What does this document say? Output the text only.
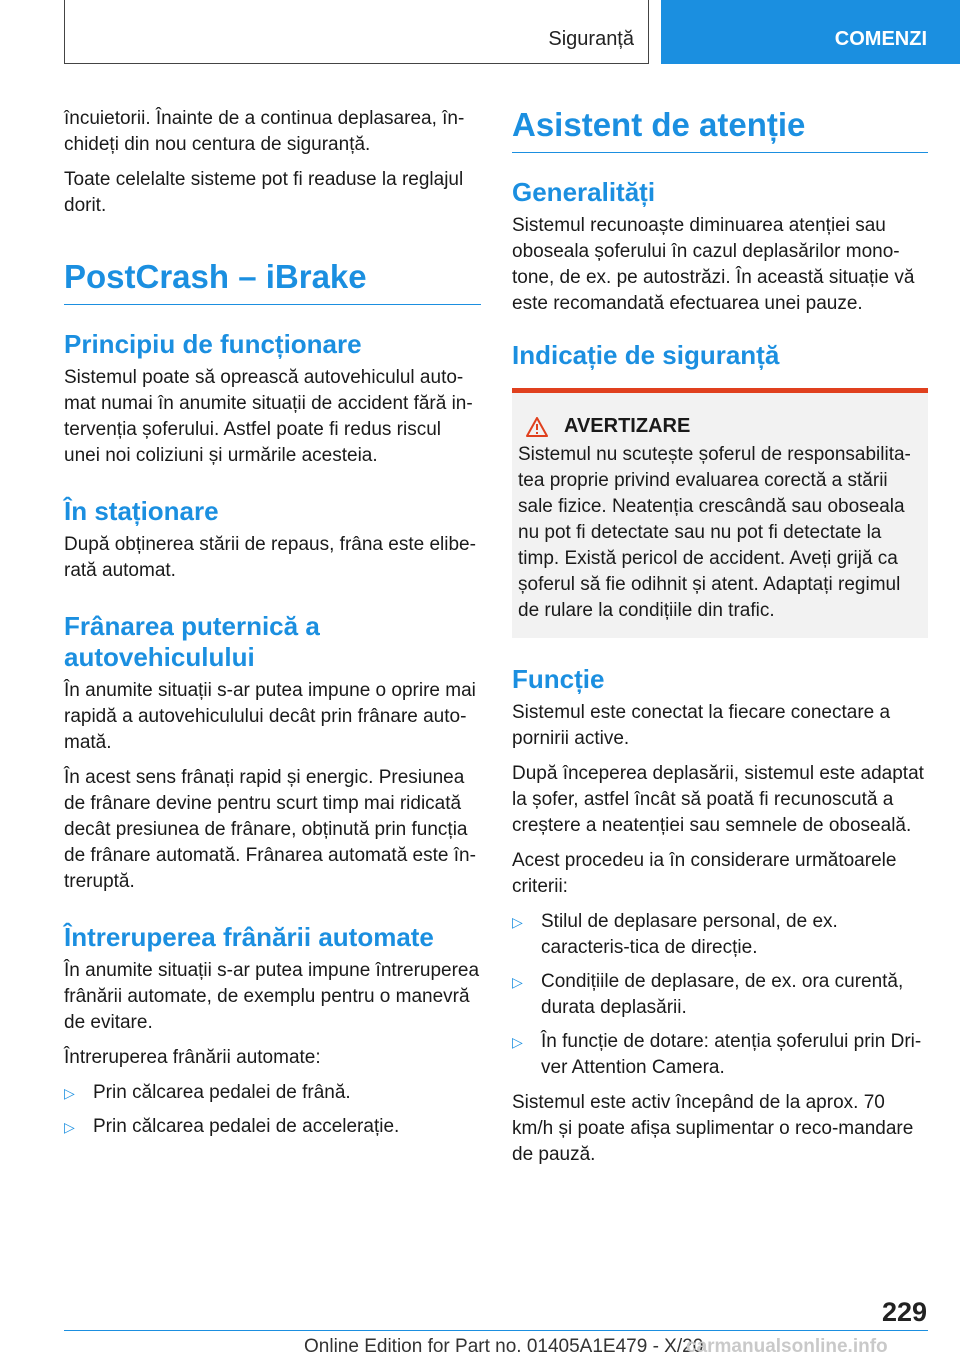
Siguranță	COMENZI

încuietorii. Înainte de a continua deplasarea, în-chideți din nou centura de siguranță.

Toate celelalte sisteme pot fi readuse la reglajul dorit.

PostCrash – iBrake
Principiu de funcționare

Sistemul poate să oprească autovehiculul auto-mat numai în anumite situații de accident fără in-tervenția șoferului. Astfel poate fi redus riscul unei noi coliziuni și urmările acesteia.

În staționare

După obținerea stării de repaus, frâna este elibe-rată automat.

Frânarea puternică a autovehiculului

În anumite situații s-ar putea impune o oprire mai rapidă a autovehiculului decât prin frânare auto-mată.

În acest sens frânați rapid și energic. Presiunea de frânare devine pentru scurt timp mai ridicată decât presiunea de frânare, obținută prin funcția de frânare automată. Frânarea automată este în-treruptă.

Întreruperea frânării automate

În anumite situații s-ar putea impune întreruperea frânării automate, de exemplu pentru o manevră de evitare.

Întreruperea frânării automate:

▷ Prin călcarea pedalei de frână.
▷ Prin călcarea pedalei de accelerație.
Asistent de atenție
Generalități

Sistemul recunoaște diminuarea atenției sau oboseala șoferului în cazul deplasărilor mono-tone, de ex. pe autostrăzi. În această situație vă este recomandată efectuarea unei pauze.

Indicație de siguranță
AVERTIZARE

Sistemul nu scutește șoferul de responsabilita-tea proprie privind evaluarea corectă a stării sale fizice. Neatenția crescândă sau oboseala nu pot fi detectate sau nu pot fi detectate la timp. Există pericol de accident. Aveți grijă ca șoferul să fie odihnit și atent. Adaptați regimul de rulare la condițiile din trafic.

Funcție

Sistemul este conectat la fiecare conectare a pornirii active.

După începerea deplasării, sistemul este adaptat la șofer, astfel încât să poată fi recunoscută a creștere a neatenției sau semnele de oboseală.

Acest procedeu ia în considerare următoarele criterii:

▷ Stilul de deplasare personal, de ex. caracteris-tica de direcție.
▷ Condițiile de deplasare, de ex. ora curentă, durata deplasării.
▷ În funcție de dotare: atenția șoferului prin Dri-ver Attention Camera.

Sistemul este activ începând de la aprox. 70 km/h și poate afișa suplimentar o reco-mandare de pauză.

229
Online Edition for Part no. 01405A1E479 - X/20
carmanualsonline.info
